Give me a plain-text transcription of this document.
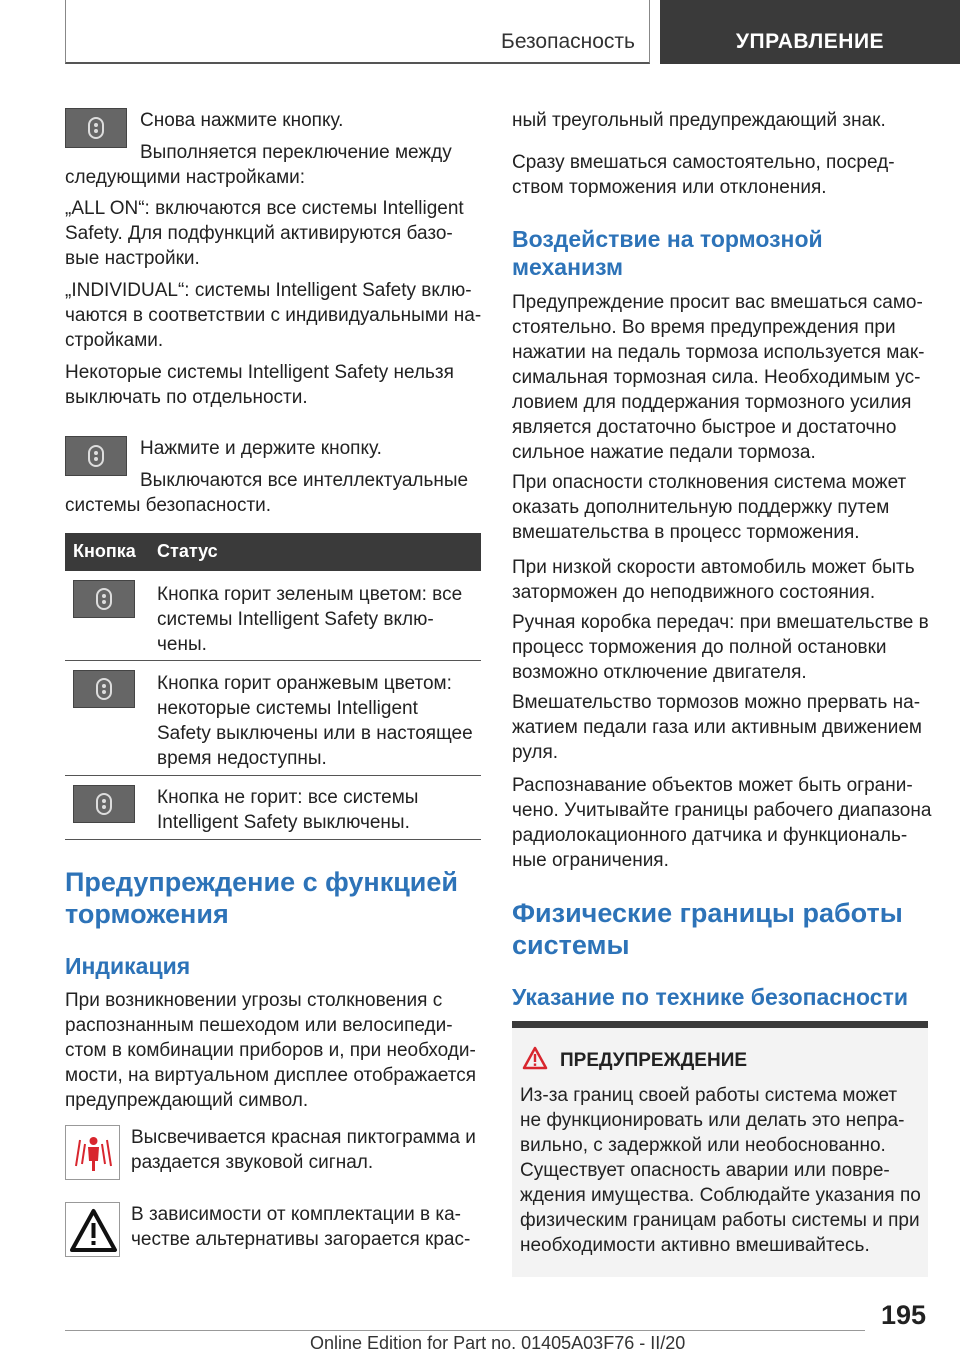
Безопасность	УПРАВЛЕНИЕ
Снова нажмите кнопку.
Выполняется переключение между
следующими настройками:
„ALL ON“: включаются все системы Intelligent
Safety. Для подфункций активируются базо-
вые настройки.
„INDIVIDUAL“: системы Intelligent Safety вклю-
чаются в соответствии с индивидуальными на-
стройками.
Некоторые системы Intelligent Safety нельзя
выключать по отдельности.
Нажмите и держите кнопку.
Выключаются все интеллектуальные
системы безопасности.
Кнопка Статус
Кнопка горит зеленым цветом: все
системы Intelligent Safety вклю-
чены.
Кнопка горит оранжевым цветом:
некоторые системы Intelligent
Safety выключены или в настоящее
время недоступны.
Кнопка не горит: все системы
Intelligent Safety выключены.
Предупреждение с функцией
торможения
Индикация
При возникновении угрозы столкновения с
распознанным пешеходом или велосипеди-
стом в комбинации приборов и, при необходи-
мости, на виртуальном дисплее отображается
предупреждающий символ.
Высвечивается красная пиктограмма и
раздается звуковой сигнал.
В зависимости от комплектации в ка-
честве альтернативы загорается крас-
ный треугольный предупреждающий знак.
Сразу вмешаться самостоятельно, посред-
ством торможения или отклонения.
Воздействие на тормозной
механизм
Предупреждение просит вас вмешаться само-
стоятельно. Во время предупреждения при
нажатии на педаль тормоза используется мак-
симальная тормозная сила. Необходимым ус-
ловием для поддержания тормозного усилия
является достаточно быстрое и достаточно
сильное нажатие педали тормоза.
При опасности столкновения система может
оказать дополнительную поддержку путем
вмешательства в процесс торможения.
При низкой скорости автомобиль может быть
заторможен до неподвижного состояния.
Ручная коробка передач: при вмешательстве в
процесс торможения до полной остановки
возможно отключение двигателя.
Вмешательство тормозов можно прервать на-
жатием педали газа или активным движением
руля.
Распознавание объектов может быть ограни-
чено. Учитывайте границы рабочего диапазона
радиолокационного датчика и функциональ-
ные ограничения.
Физические границы работы
системы
Указание по технике безопасности
ПРЕДУПРЕЖДЕНИЕ
Из-за границ своей работы система может
не функционировать или делать это непра-
вильно, с задержкой или необоснованно.
Существует опасность аварии или повре-
ждения имущества. Соблюдайте указания по
физическим границам работы системы и при
необходимости активно вмешивайтесь.
195
Online Edition for Part no. 01405A03F76 - II/20
